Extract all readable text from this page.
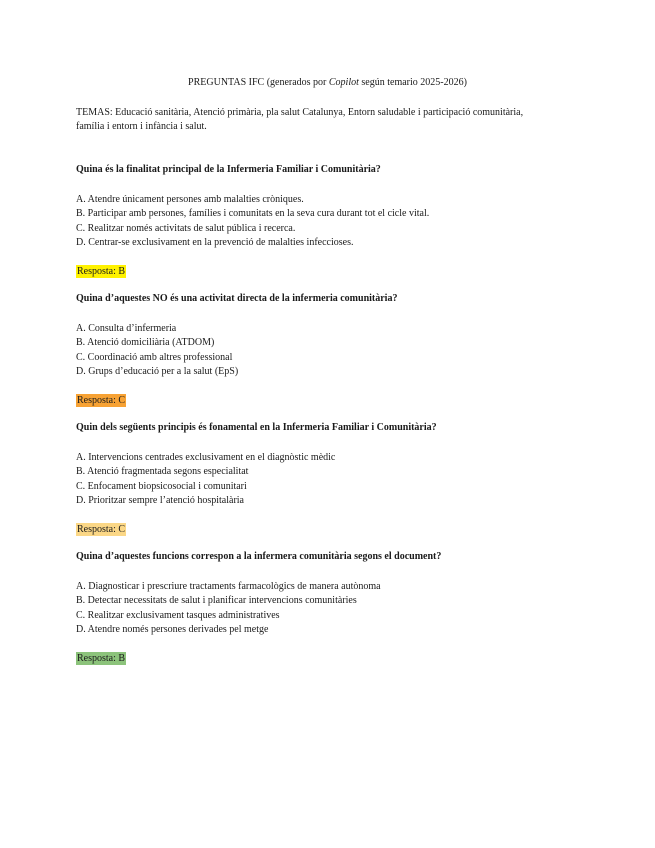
PREGUNTAS IFC (generados por Copilot según temario 2025-2026)
TEMAS: Educació sanitària, Atenció primària, pla salut Catalunya, Entorn saludable i participació comunitària,
família i entorn i infància i salut.
Quina és la finalitat principal de la Infermeria Familiar i Comunitària?
A. Atendre únicament persones amb malalties cròniques.
B. Participar amb persones, famílies i comunitats en la seva cura durant tot el cicle vital.
C. Realitzar només activitats de salut pública i recerca.
D. Centrar-se exclusivament en la prevenció de malalties infeccioses.
Resposta: B
Quina d’aquestes NO és una activitat directa de la infermeria comunitària?
A. Consulta d’infermeria
B. Atenció domiciliària (ATDOM)
C. Coordinació amb altres professional
D. Grups d’educació per a la salut (EpS)
Resposta: C
Quin dels següents principis és fonamental en la Infermeria Familiar i Comunitària?
A. Intervencions centrades exclusivament en el diagnòstic mèdic
B. Atenció fragmentada segons especialitat
C. Enfocament biopsicosocial i comunitari
D. Prioritzar sempre l’atenció hospitalària
Resposta: C
Quina d’aquestes funcions correspon a la infermera comunitària segons el document?
A. Diagnosticar i prescriure tractaments farmacològics de manera autònoma
B. Detectar necessitats de salut i planificar intervencions comunitàries
C. Realitzar exclusivament tasques administratives
D. Atendre només persones derivades pel metge
Resposta: B
